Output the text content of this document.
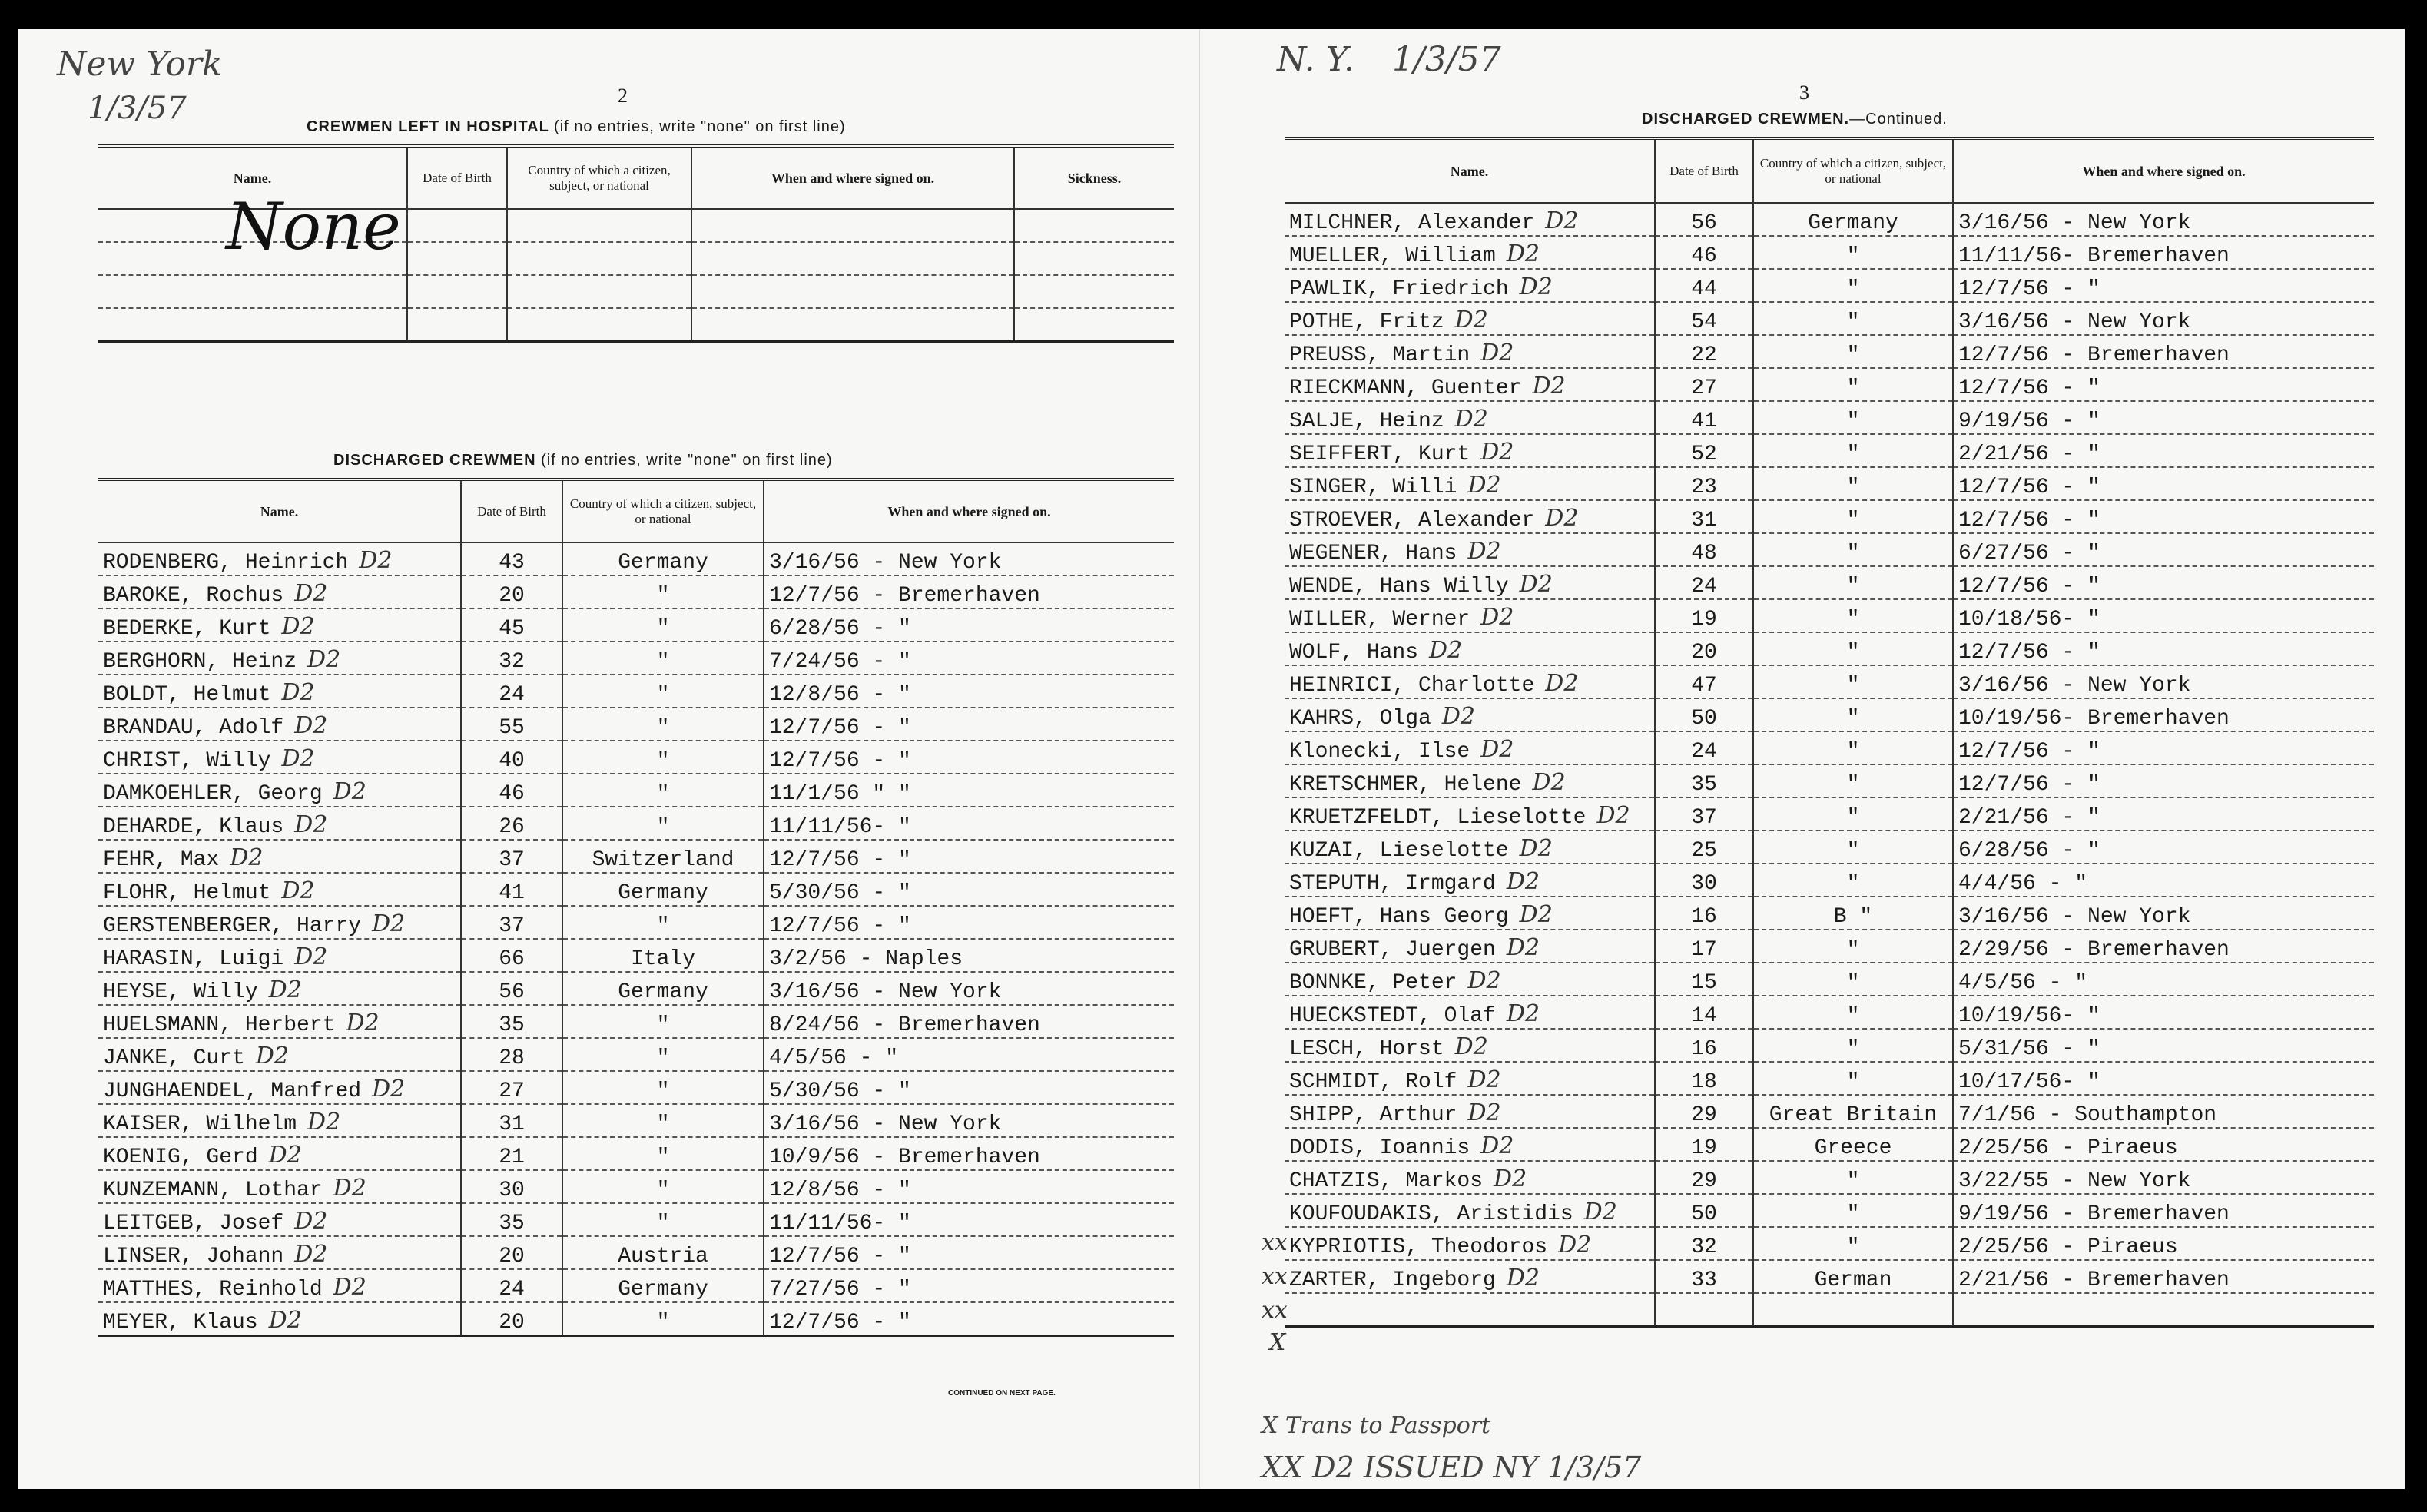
New York
1/3/57	2
CREWMEN LEFT IN HOSPITAL (if no entries, write "none" on first line)
Name.	Date of Birth	Country of which a citizen, subject, or national	When and where signed on.	Sickness.

None
DISCHARGED CREWMEN (if no entries, write "none" on first line)
Name.	Date of Birth	Country of which a citizen, subject, or national	When and where signed on.
RODENBERG, Heinrich D2	43	Germany	3/16/56 - New York
BAROKE, Rochus D2	20	"	12/7/56 - Bremerhaven
BEDERKE, Kurt D2	45	"	6/28/56 - "
BERGHORN, Heinz D2	32	"	7/24/56 - "
BOLDT, Helmut D2	24	"	12/8/56 - "
BRANDAU, Adolf D2	55	"	12/7/56 - "
CHRIST, Willy D2	40	"	12/7/56 - "
DAMKOEHLER, Georg D2	46	"	11/1/56 " "
DEHARDE, Klaus D2	26	"	11/11/56- "
FEHR, Max D2	37	Switzerland	12/7/56 - "
FLOHR, Helmut D2	41	Germany	5/30/56 - "
GERSTENBERGER, Harry D2	37	"	12/7/56 - "
HARASIN, Luigi D2	66	Italy	3/2/56 - Naples
HEYSE, Willy D2	56	Germany	3/16/56 - New York
HUELSMANN, Herbert D2	35	"	8/24/56 - Bremerhaven
JANKE, Curt D2	28	"	4/5/56 - "
JUNGHAENDEL, Manfred D2	27	"	5/30/56 - "
KAISER, Wilhelm D2	31	"	3/16/56 - New York
KOENIG, Gerd D2	21	"	10/9/56 - Bremerhaven
KUNZEMANN, Lothar D2	30	"	12/8/56 - "
LEITGEB, Josef D2	35	"	11/11/56- "
LINSER, Johann D2	20	Austria	12/7/56 - "
MATTHES, Reinhold D2	24	Germany	7/27/56 - "
MEYER, Klaus D2	20	"	12/7/56 - "
CONTINUED ON NEXT PAGE.
N. Y. 1/3/57
3
DISCHARGED CREWMEN.—Continued.
Name.	Date of Birth	Country of which a citizen, subject, or national	When and where signed on.
MILCHNER, Alexander D2	56	Germany	3/16/56 - New York
MUELLER, William D2	46	"	11/11/56- Bremerhaven
PAWLIK, Friedrich D2	44	"	12/7/56 - "
POTHE, Fritz D2	54	"	3/16/56 - New York
PREUSS, Martin D2	22	"	12/7/56 - Bremerhaven
RIECKMANN, Guenter D2	27	"	12/7/56 - "
SALJE, Heinz D2	41	"	9/19/56 - "
SEIFFERT, Kurt D2	52	"	2/21/56 - "
SINGER, Willi D2	23	"	12/7/56 - "
STROEVER, Alexander D2	31	"	12/7/56 - "
WEGENER, Hans D2	48	"	6/27/56 - "
WENDE, Hans Willy D2	24	"	12/7/56 - "
WILLER, Werner D2	19	"	10/18/56- "
WOLF, Hans D2	20	"	12/7/56 - "
HEINRICI, Charlotte D2	47	"	3/16/56 - New York
KAHRS, Olga D2	50	"	10/19/56- Bremerhaven
Klonecki, Ilse D2	24	"	12/7/56 - "
KRETSCHMER, Helene D2	35	"	12/7/56 - "
KRUETZFELDT, Lieselotte D2	37	"	2/21/56 - "
KUZAI, Lieselotte D2	25	"	6/28/56 - "
STEPUTH, Irmgard D2	30	"	4/4/56 - "
HOEFT, Hans Georg D2	16	B "	3/16/56 - New York
GRUBERT, Juergen D2	17	"	2/29/56 - Bremerhaven
BONNKE, Peter D2	15	"	4/5/56 - "
HUECKSTEDT, Olaf D2	14	"	10/19/56- "
LESCH, Horst D2	16	"	5/31/56 - "
SCHMIDT, Rolf D2	18	"	10/17/56- "
SHIPP, Arthur D2	29	Great Britain	7/1/56 - Southampton
DODIS, Ioannis D2	19	Greece	2/25/56 - Piraeus
CHATZIS, Markos D2	29	"	3/22/55 - New York
KOUFOUDAKIS, Aristidis D2	50	"	9/19/56 - Bremerhaven
KYPRIOTIS, Theodoros D2	32	"	2/25/56 - Piraeus
ZARTER, Ingeborg D2	33	German	2/21/56 - Bremerhaven

xx
xx
xx
X
X Trans to Passport
XX D2 ISSUED NY 1/3/57
